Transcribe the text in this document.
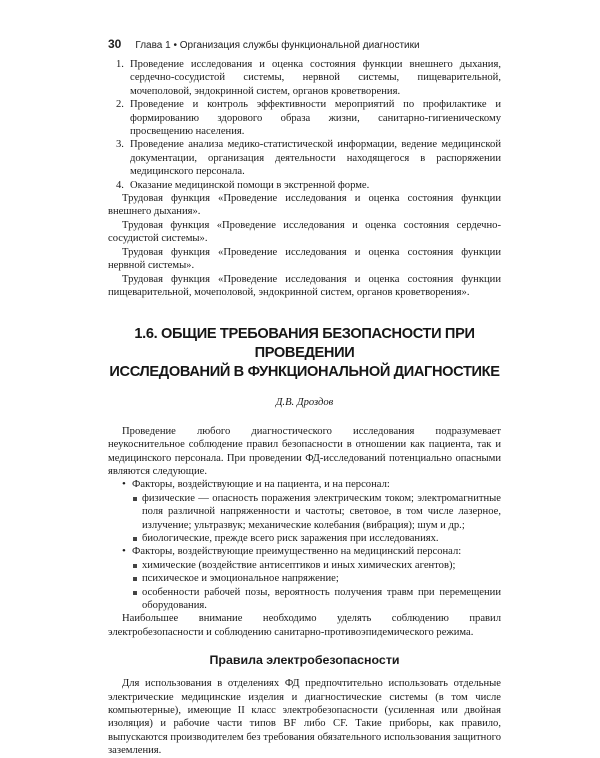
30 Глава 1 • Организация службы функциональной диагностики
1. Проведение исследования и оценка состояния функции внешнего дыхания, сердечно-сосудистой системы, нервной системы, пищеварительной, мочеполовой, эндокринной систем, органов кроветворения.
2. Проведение и контроль эффективности мероприятий по профилактике и формированию здорового образа жизни, санитарно-гигиеническому просвещению населения.
3. Проведение анализа медико-статистической информации, ведение медицинской документации, организация деятельности находящегося в распоряжении медицинского персонала.
4. Оказание медицинской помощи в экстренной форме.

Трудовая функция «Проведение исследования и оценка состояния функции внешнего дыхания».

Трудовая функция «Проведение исследования и оценка состояния сердечно-сосудистой системы».

Трудовая функция «Проведение исследования и оценка состояния функции нервной системы».

Трудовая функция «Проведение исследования и оценка состояния функции пищеварительной, мочеполовой, эндокринной систем, органов кроветворения».

1.6. ОБЩИЕ ТРЕБОВАНИЯ БЕЗОПАСНОСТИ ПРИ ПРОВЕДЕНИИ
ИССЛЕДОВАНИЙ В ФУНКЦИОНАЛЬНОЙ ДИАГНОСТИКЕ
Д.В. Дроздов

Проведение любого диагностического исследования подразумевает неукоснительное соблюдение правил безопасности в отношении как пациента, так и медицинского персонала. При проведении ФД-исследований потенциально опасными являются следующие.

• Факторы, воздействующие и на пациента, и на персонал:
физические — опасность поражения электрическим током; электромагнитные поля различной напряженности и частоты; световое, в том числе лазерное, излучение; ультразвук; механические колебания (вибрация); шум и др.;
биологические, прежде всего риск заражения при исследованиях.
• Факторы, воздействующие преимущественно на медицинский персонал:
химические (воздействие антисептиков и иных химических агентов);
психическое и эмоциональное напряжение;
особенности рабочей позы, вероятность получения травм при перемещении оборудования.

Наибольшее внимание необходимо уделять соблюдению правил электробезопасности и соблюдению санитарно-противоэпидемического режима.

Правила электробезопасности

Для использования в отделениях ФД предпочтительно использовать отдельные электрические медицинские изделия и диагностические системы (в том числе компьютерные), имеющие II класс электробезопасности (усиленная или двойная изоляция) и рабочие части типов BF либо CF. Такие приборы, как правило, выпускаются производителем без требования обязательного использования защитного заземления.
